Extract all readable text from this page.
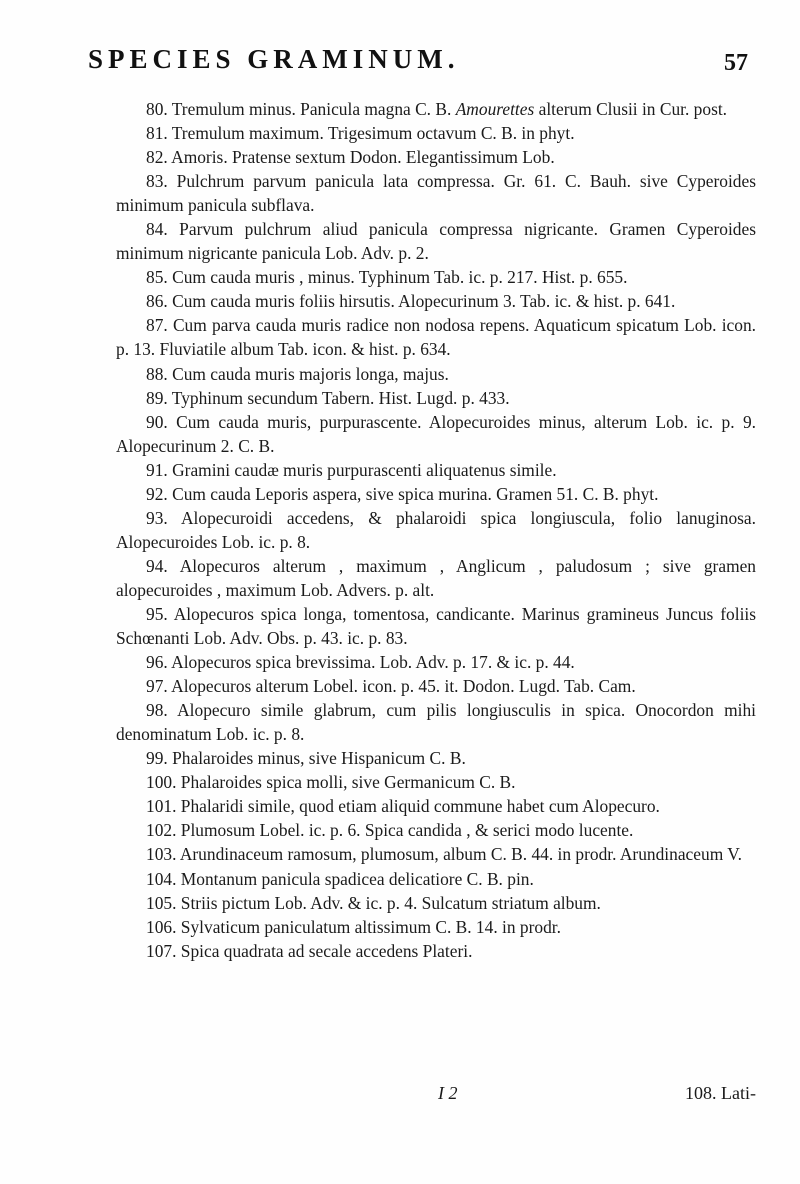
SPECIES GRAMINUM.	57

80. Tremulum minus. Panicula magna C. B. Amourettes alterum Clusii in Cur. post.

81. Tremulum maximum. Trigesimum octavum C. B. in phyt.

82. Amoris. Pratense sextum Dodon. Elegantissimum Lob.

83. Pulchrum parvum panicula lata compressa. Gr. 61. C. Bauh. sive Cyperoides minimum panicula subflava.

84. Parvum pulchrum aliud panicula compressa nigricante. Gramen Cyperoides minimum nigricante panicula Lob. Adv. p. 2.

85. Cum cauda muris , minus. Typhinum Tab. ic. p. 217. Hist. p. 655.

86. Cum cauda muris foliis hirsutis. Alopecurinum 3. Tab. ic. & hist. p. 641.

87. Cum parva cauda muris radice non nodosa repens. Aquaticum spicatum Lob. icon. p. 13. Fluviatile album Tab. icon. & hist. p. 634.

88. Cum cauda muris majoris longa, majus.

89. Typhinum secundum Tabern. Hist. Lugd. p. 433.

90. Cum cauda muris, purpurascente. Alopecuroides minus, alterum Lob. ic. p. 9. Alopecurinum 2. C. B.

91. Gramini caudæ muris purpurascenti aliquatenus simile.

92. Cum cauda Leporis aspera, sive spica murina. Gramen 51. C. B. phyt.

93. Alopecuroidi accedens, & phalaroidi spica longiuscula, folio lanuginosa. Alopecuroides Lob. ic. p. 8.

94. Alopecuros alterum , maximum , Anglicum , paludosum ; sive gramen alopecuroides , maximum Lob. Advers. p. alt.

95. Alopecuros spica longa, tomentosa, candicante. Marinus gramineus Juncus foliis Schœnanti Lob. Adv. Obs. p. 43. ic. p. 83.

96. Alopecuros spica brevissima. Lob. Adv. p. 17. & ic. p. 44.

97. Alopecuros alterum Lobel. icon. p. 45. it. Dodon. Lugd. Tab. Cam.

98. Alopecuro simile glabrum, cum pilis longiusculis in spica. Onocordon mihi denominatum Lob. ic. p. 8.

99. Phalaroides minus, sive Hispanicum C. B.

100. Phalaroides spica molli, sive Germanicum C. B.

101. Phalaridi simile, quod etiam aliquid commune habet cum Alopecuro.

102. Plumosum Lobel. ic. p. 6. Spica candida , & serici modo lucente.

103. Arundinaceum ramosum, plumosum, album C. B. 44. in prodr. Arundinaceum V.

104. Montanum panicula spadicea delicatiore C. B. pin.

105. Striis pictum Lob. Adv. & ic. p. 4. Sulcatum striatum album.

106. Sylvaticum paniculatum altissimum C. B. 14. in prodr.

107. Spica quadrata ad secale accedens Plateri.

I 2	108. Lati-
